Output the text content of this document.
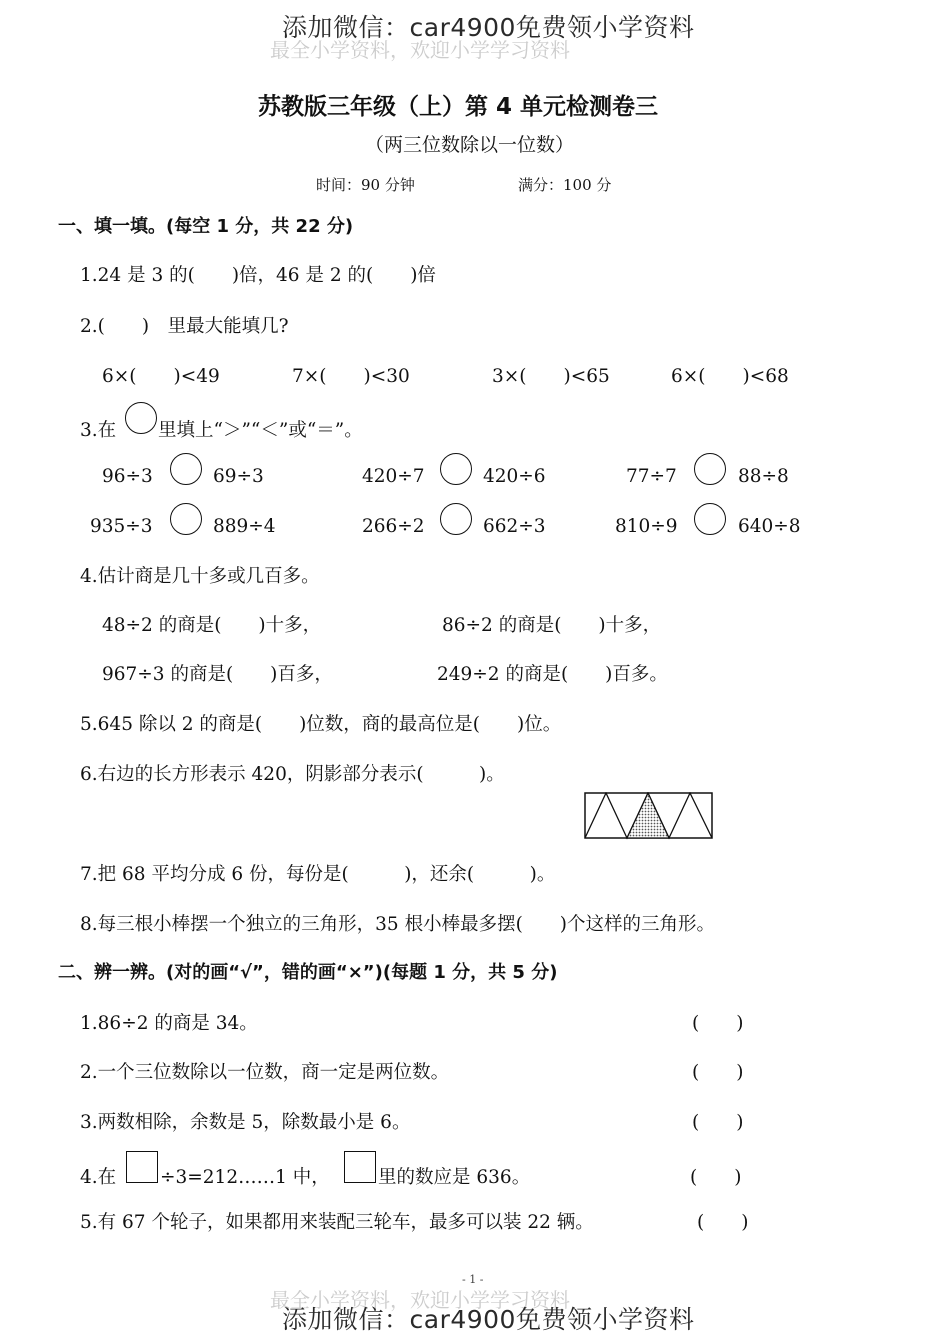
最全小学资料，欢迎小学学习资料
添加微信：car4900免费领小学资料
苏教版三年级（上）第 4 单元检测卷三
（两三位数除以一位数）
时间：90 分钟	满分：100 分
一、填一填。(每空 1 分，共 22 分)
1.24 是 3 的(　　)倍，46 是 2 的(　　)倍
2.(　　)　里最大能填几?
6×(　　)<49	7×(　　)<30	3×(　　)<65	6×(　　)<68
3.在 里填上“＞”“＜”或“＝”。
96÷3	69÷3	420÷7	420÷6	77÷7	88÷8
935÷3	889÷4	266÷2	662÷3	810÷9	640÷8
4.估计商是几十多或几百多。
48÷2 的商是(　　)十多，	86÷2 的商是(　　)十多，
967÷3 的商是(　　)百多，	249÷2 的商是(　　)百多。
5.645 除以 2 的商是(　　)位数，商的最高位是(　　)位。
6.右边的长方形表示 420，阴影部分表示(　　　)。
7.把 68 平均分成 6 份，每份是(　　　)，还余(　　　)。
8.每三根小棒摆一个独立的三角形，35 根小棒最多摆(　　)个这样的三角形。
二、辨一辨。(对的画“√”，错的画“×”)(每题 1 分，共 5 分)
1.86÷2 的商是 34。	(　　)
2.一个三位数除以一位数，商一定是两位数。	(　　)
3.两数相除，余数是 5，除数最小是 6。	(　　)
4.在 ÷3=212……1 中，	里的数应是 636。	(　　)
5.有 67 个轮子，如果都用来装配三轮车，最多可以装 22 辆。	(　　)
- 1 -
最全小学资料，欢迎小学学习资料
添加微信：car4900免费领小学资料
